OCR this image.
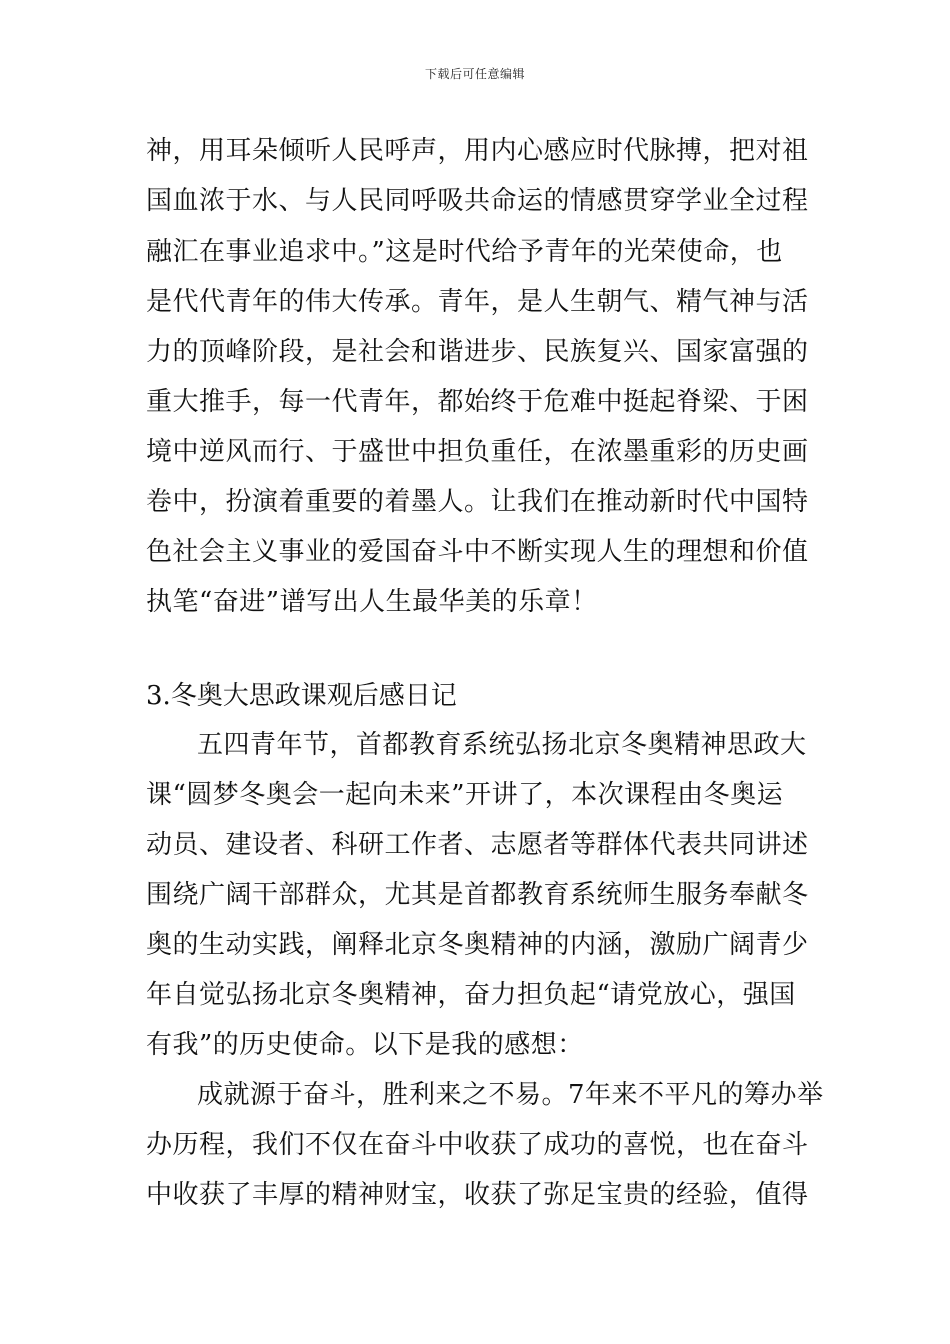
下载后可任意编辑
神，用耳朵倾听人民呼声，用内心感应时代脉搏，把对祖
国血浓于水、与人民同呼吸共命运的情感贯穿学业全过程
融汇在事业追求中。”这是时代给予青年的光荣使命，也
是代代青年的伟大传承。青年，是人生朝气、精气神与活
力的顶峰阶段，是社会和谐进步、民族复兴、国家富强的
重大推手，每一代青年，都始终于危难中挺起脊梁、于困
境中逆风而行、于盛世中担负重任，在浓墨重彩的历史画
卷中，扮演着重要的着墨人。让我们在推动新时代中国特
色社会主义事业的爱国奋斗中不断实现人生的理想和价值
执笔“奋进”谱写出人生最华美的乐章！
3.冬奥大思政课观后感日记
五四青年节，首都教育系统弘扬北京冬奥精神思政大
课“圆梦冬奥会一起向未来”开讲了，本次课程由冬奥运
动员、建设者、科研工作者、志愿者等群体代表共同讲述
围绕广阔干部群众，尤其是首都教育系统师生服务奉献冬
奥的生动实践，阐释北京冬奥精神的内涵，激励广阔青少
年自觉弘扬北京冬奥精神，奋力担负起“请党放心，强国
有我”的历史使命。以下是我的感想：
成就源于奋斗，胜利来之不易。7年来不平凡的筹办举
办历程，我们不仅在奋斗中收获了成功的喜悦，也在奋斗
中收获了丰厚的精神财宝，收获了弥足宝贵的经验，值得
